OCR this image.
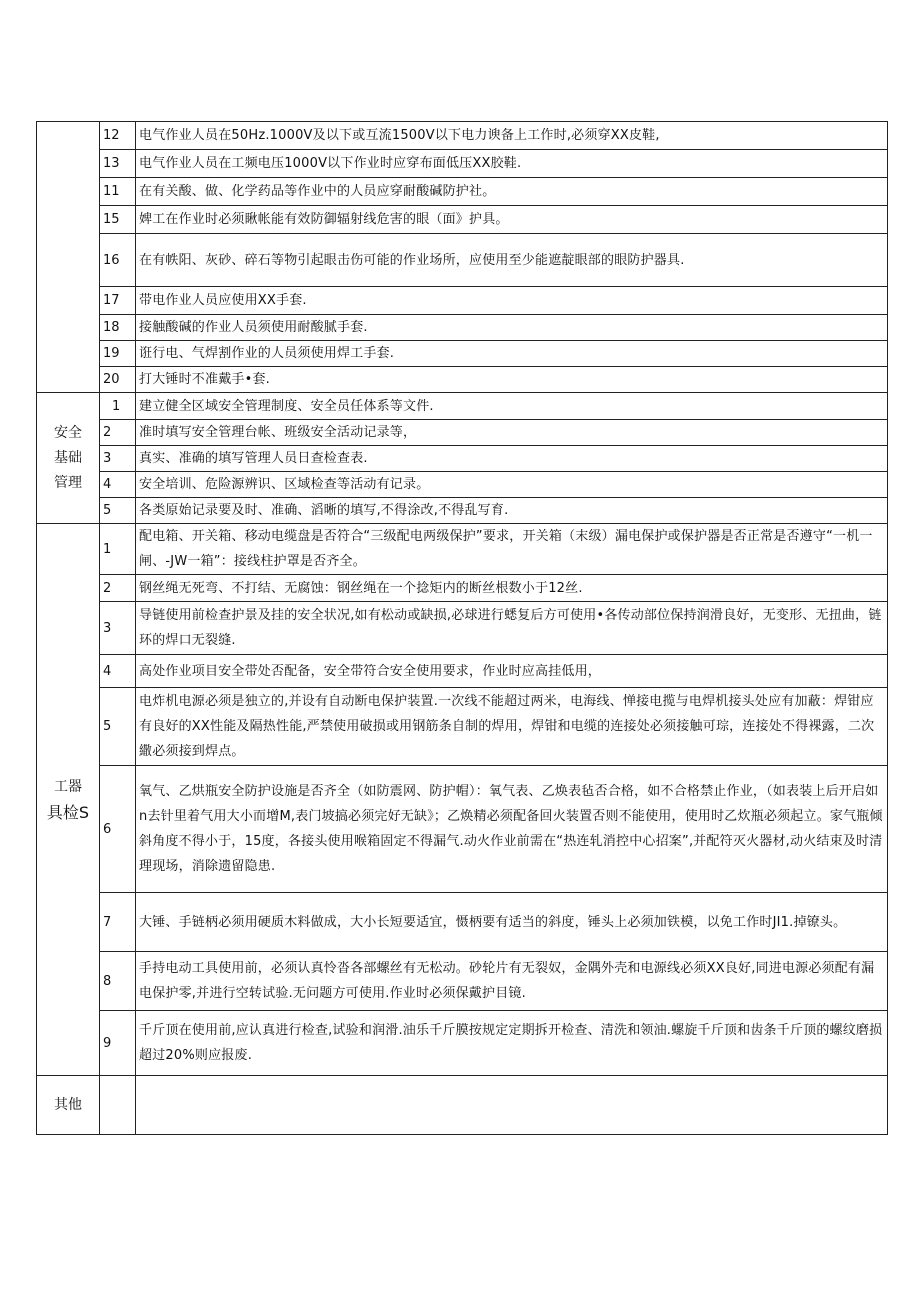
	12	电气作业人员在50Hz.1000V及以下或互流1500V以下电力谀备上工作时,必须穿XX皮鞋,
	13	电气作业人员在工频电压1000V以下作业时应穿布面低压XX胶鞋.
	11	在有关酸、做、化学药品等作业中的人员应穿耐酸碱防护社。
	15	婢工在作业时必须瞅帐能有效防御辐射线危害的眼（面》护具。
	16	在有帙阳、灰砂、碎石等物引起眼击伤可能的作业场所，应使用至少能遮靛眼部的眼防护器具.
	17	带电作业人员应使用XX手套.
	18	接触酸碱的作业人员须使用耐酸腻手套.
	19	诳行电、气焊割作业的人员须使用焊工手套.
	20	打大锤时不准戴手•套.

安全
基础
管理	1	建立健全区域安全管理制度、安全员任体系等文件.
	2	准时填写安全管理台帐、班级安全活动记录等，
	3	真实、准确的填写管理人员日查检查表.
	4	安全培训、危险源辨识、区域检查等活动有记录。
	5	各类原始记录要及时、准确、滔晰的填写,不得涂改,不得乱写育.

工器
具检S	1	配电箱、开关箱、移动电缆盘是否符合“三级配电两级保护”要求，开关箱（末级）漏电保护或保护器是否正常是否遵守“一机一闸、-JW一箱”：接线柱护罩是否齐全。
	2	钢丝绳无死弯、不打结、无腐蚀：钢丝绳在一个捻矩内的断丝根数小于12丝.
	3	导链使用前检查护景及挂的安全状况,如有松动或缺损,必球进行蟋复后方可使用•各传动部位保持润滑良好，无变形、无扭曲，链环的焊口无裂缝.
	4	高处作业项目安全带处否配备，安全带符合安全使用要求，作业时应高挂低用，
	5	电炸机电源必须是独立的,并设有自动断电保护装置.一次线不能超过两米，电海线、惮接电揽与电焊机接头处应有加蔽：焊钳应有良好的XX性能及隔热性能,严禁使用破损或用钢筋条自制的焊用，焊钳和电缆的连接处必须接触可琮，连接处不得裸露，二次繖必须接到焊点。
	6	氧气、乙烘瓶安全防护设施是否齐全（如防震网、防护帽）：氧气表、乙焕表毡否合格，如不合格禁止作业，（如表装上后开启如n去针里着气用大小而增M,表门坡搞必须完好无缺》；乙焕精必须配备回火装置否则不能使用，使用时乙炊瓶必须起立。家气瓶倾斜角度不得小于，15度，各接头使用喉箱固定不得漏气.动火作业前需在“热连轧消控中心招案”,并配符灭火器材,动火结束及时清理现场，消除遗留隐患.
	7	大锤、手链柄必须用硬质木料做成，大小长短要适宜，慑柄要有适当的斜度，锤头上必须加铁模，以免工作时JI1.掉镣头。
	8	手持电动工具使用前，必须认真怜沓各部螺丝有无松动。砂轮片有无裂奴，金隅外壳和电源线必须XX良好,同进电源必须配有漏电保护零,并进行空转试验.无问题方可使用.作业时必须保戴护目镜.
	9	千斤顶在使用前,应认真进行检查,试验和润滑.油乐千斤膜按规定定期拆开检查、清洗和领油.螺旋千斤顶和齿条千斤顶的螺纹磨损超过20%则应报废.
其他		
